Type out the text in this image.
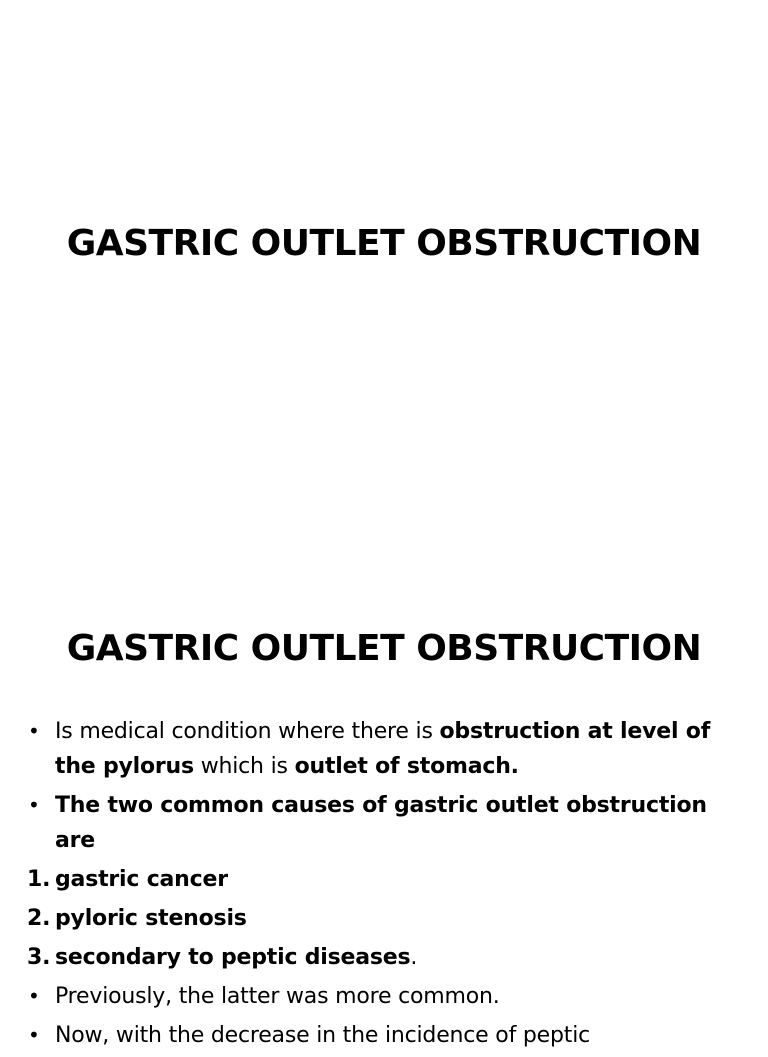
GASTRIC OUTLET OBSTRUCTION
GASTRIC OUTLET OBSTRUCTION
• Is medical condition where there is obstruction at level of the pylorus which is outlet of stomach.
• The two common causes of gastric outlet obstruction are
1. gastric cancer
2. pyloric stenosis
3. secondary to peptic diseases.
• Previously, the latter was more common.
• Now, with the decrease in the incidence of peptic
